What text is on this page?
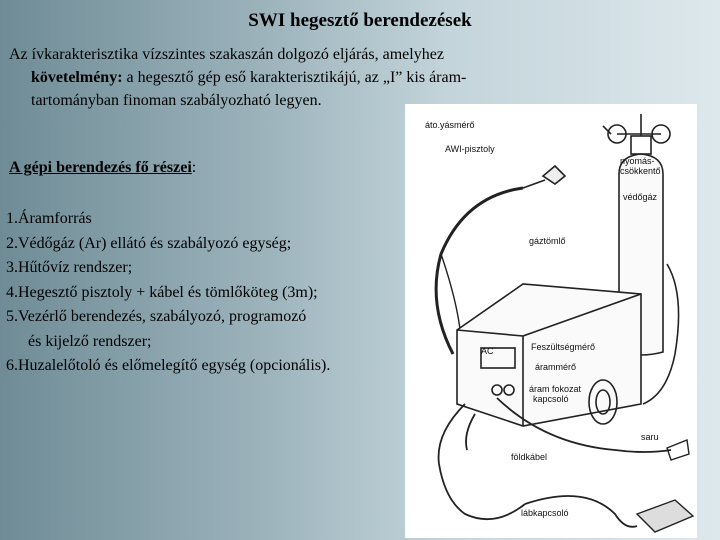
SWI hegesztő berendezések
Az ívkarakterisztika vízszintes szakaszán dolgozó eljárás, amelyhez
követelmény: a hegesztő gép eső karakterisztikájú, az „I” kis áram-
tartományban finoman szabályozható legyen.
A gépi berendezés fő részei:
1.Áramforrás
2.Védőgáz (Ar) ellátó és szabályozó egység;
3.Hűtővíz rendszer;
4.Hegesztő pisztoly + kábel és tömlőköteg (3m);
5.Vezérlő berendezés, szabályozó, programozó
és kijelző rendszer;
6.Huzalelőtoló és előmelegítő egység (opcionális).
áto.yásmérő
AWI-pisztoly
nyomás-
csökkentő
védőgáz
gáztömlő
AC	Feszültségmérő
árammérő
áram fokozat
kapcsoló
saru
földkábel
lábkapcsoló
